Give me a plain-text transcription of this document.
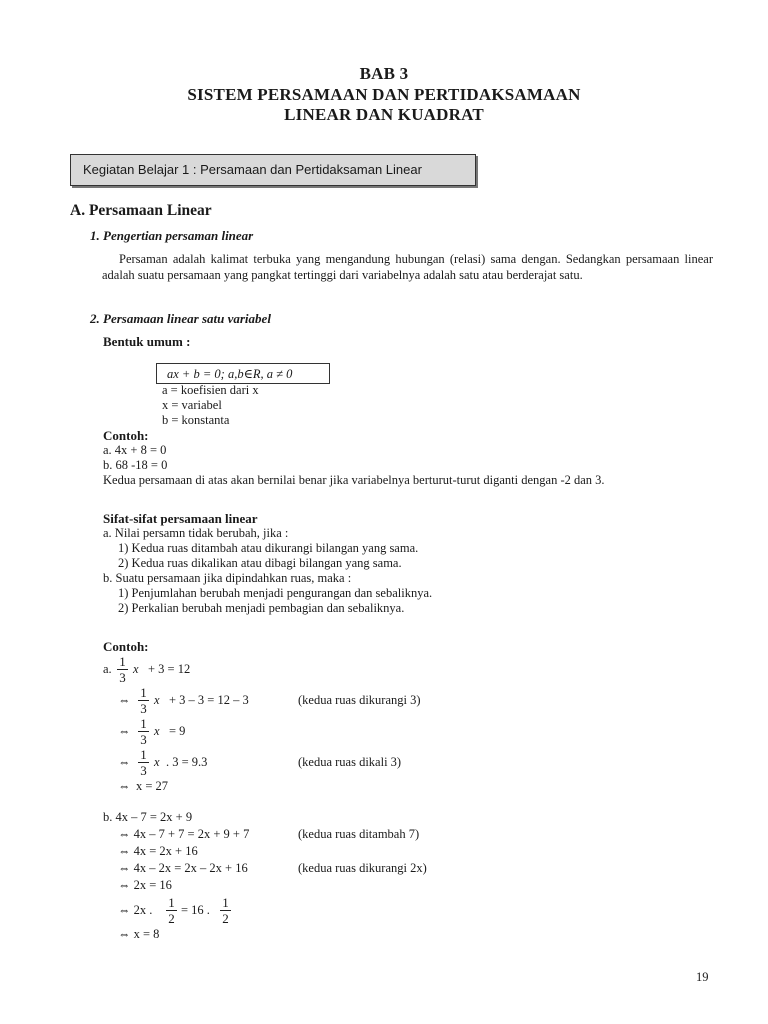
BAB 3
SISTEM PERSAMAAN DAN PERTIDAKSAMAAN
LINEAR DAN KUADRAT
Kegiatan Belajar 1 : Persamaan dan Pertidaksaman Linear
A. Persamaan Linear
1. Pengertian persaman linear
Persaman adalah kalimat terbuka yang mengandung hubungan (relasi) sama dengan. Sedangkan persamaan linear adalah suatu persamaan yang pangkat tertinggi dari variabelnya adalah satu atau berderajat satu.
2. Persamaan linear satu variabel
Bentuk umum :
ax + b = 0; a,b∈R, a ≠ 0
a = koefisien dari x
x = variabel
b = konstanta
Contoh:
a. 4x + 8 = 0
b. 68 -18 = 0
Kedua persamaan di atas akan bernilai benar jika variabelnya berturut-turut diganti dengan -2 dan 3.
Sifat-sifat persamaan linear
a. Nilai persamn tidak berubah, jika :
1) Kedua ruas ditambah atau dikurangi bilangan yang sama.
2) Kedua ruas dikalikan atau dibagi bilangan yang sama.
b. Suatu persamaan jika dipindahkan ruas, maka :
1) Penjumlahan berubah menjadi pengurangan dan sebaliknya.
2) Perkalian berubah menjadi pembagian dan sebaliknya.
Contoh:
a. 1
3
x + 3 = 12
⇔ 1
3
x + 3 – 3 = 12 – 3	(kedua ruas dikurangi 3)
⇔ 1
3
x = 9
⇔ 1
3
x . 3 = 9.3	(kedua ruas dikali 3)
⇔ x = 27
b. 4x – 7 = 2x + 9
⇔ 4x – 7 + 7 = 2x + 9 + 7	(kedua ruas ditambah 7)
⇔ 4x = 2x + 16
⇔ 4x – 2x = 2x – 2x + 16	(kedua ruas dikurangi 2x)
⇔ 2x = 16
⇔ 2x . 1
2
= 16 . 1
2
⇔ x = 8
19
